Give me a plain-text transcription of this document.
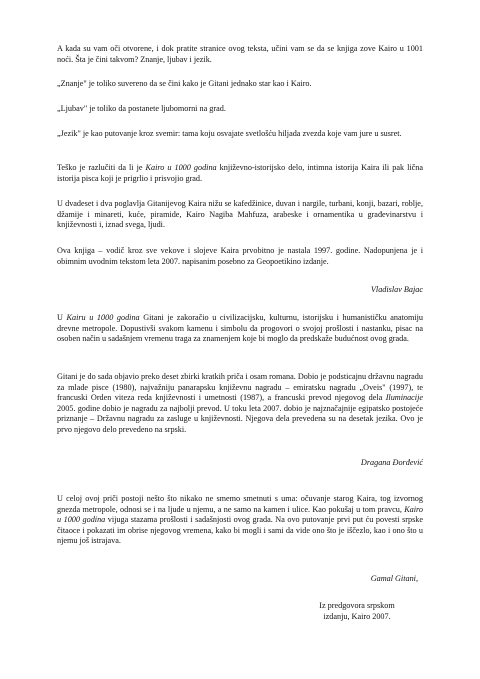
A kada su vam oči otvorene, i dok pratite stranice ovog teksta, učini vam se da se knjiga zove Kairo u 1001 noći. Šta je čini takvom? Znanje, ljubav i jezik.

„Znanje" je toliko suvereno da se čini kako je Gitani jednako star kao i Kairo.

„Ljubav" je toliko da postanete ljubomorni na grad.

„Jezik" je kao putovanje kroz svemir: tama koju osvajate svetlošću hiljada zvezda koje vam jure u susret.

Teško je razlučiti da li je Kairo u 1000 godina književno-istorijsko delo, intimna istorija Kaira ili pak lična istorija pisca koji je prigrlio i prisvojio grad.

U dvadeset i dva poglavlja Gitanijevog Kaira nižu se kafedžinice, duvan i nargile, turbani, konji, bazari, roblje, džamije i minareti, kuće, piramide, Kairo Nagiba Mahfuza, arabeske i ornamentika u građevinarstvu i književnosti i, iznad svega, ljudi.

Ova knjiga – vodič kroz sve vekove i slojeve Kaira prvobitno je nastala 1997. godine. Nadopunjena je i obimnim uvodnim tekstom leta 2007. napisanim posebno za Geopoetikino izdanje.

Vladislav Bajac

U Kairu u 1000 godina Gitani je zakoračio u civilizacijsku, kulturnu, istorijsku i humanističku anatomiju drevne metropole. Dopustivši svakom kamenu i simbolu da progovori o svojoj prošlosti i nastanku, pisac na osoben način u sadašnjem vremenu traga za znamenjem koje bi moglo da predskaže budućnost ovog grada.

Gitani je do sada objavio preko deset zbirki kratkih priča i osam romana. Dobio je podsticajnu državnu nagradu za mlade pisce (1980), najvažniju panarapsku književnu nagradu – emiratsku nagradu „Oveis" (1997), te francuski Orden viteza reda književnosti i umetnosti (1987), a francuski prevod njegovog dela Iluminacije 2005. godine dobio je nagradu za najbolji prevod. U toku leta 2007. dobio je najznačajnije egipatsko postojeće priznanje – Državnu nagradu za zasluge u književnosti. Njegova dela prevedena su na desetak jezika. Ovo je prvo njegovo delo prevedeno na srpski.

Dragana Đorđević

U celoj ovoj priči postoji nešto što nikako ne smemo smetnuti s uma: očuvanje starog Kaira, tog izvornog gnezda metropole, odnosi se i na ljude u njemu, a ne samo na kamen i ulice. Kao pokušaj u tom pravcu, Kairo u 1000 godina vijuga stazama prošlosti i sadašnjosti ovog grada. Na ovo putovanje prvi put ću povesti srpske čitaoce i pokazati im obrise njegovog vremena, kako bi mogli i sami da vide ono što je iščezlo, kao i ono što u njemu još istrajava.

Gamal Gitani,

Iz predgovora srpskom

izdanju, Kairo 2007.
